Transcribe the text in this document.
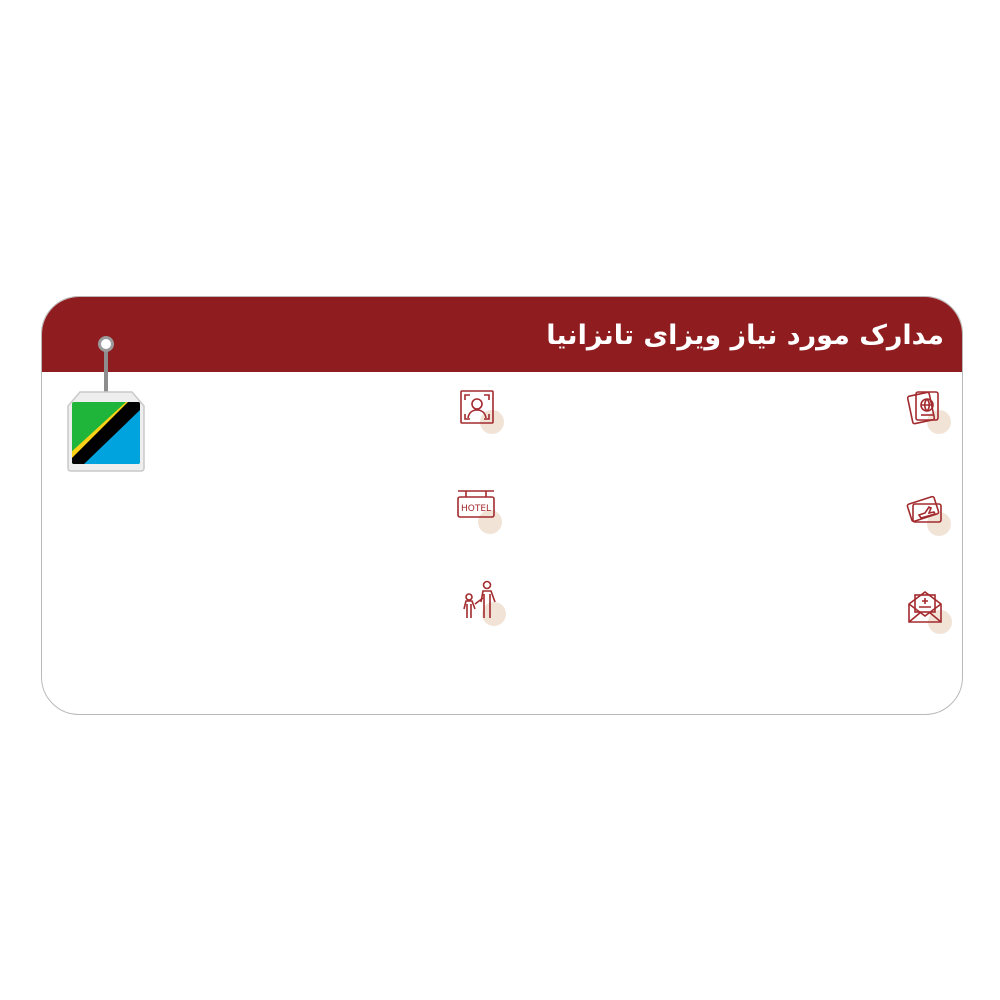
مدارک مورد نیاز ویزای تانزانیا
HOTEL
